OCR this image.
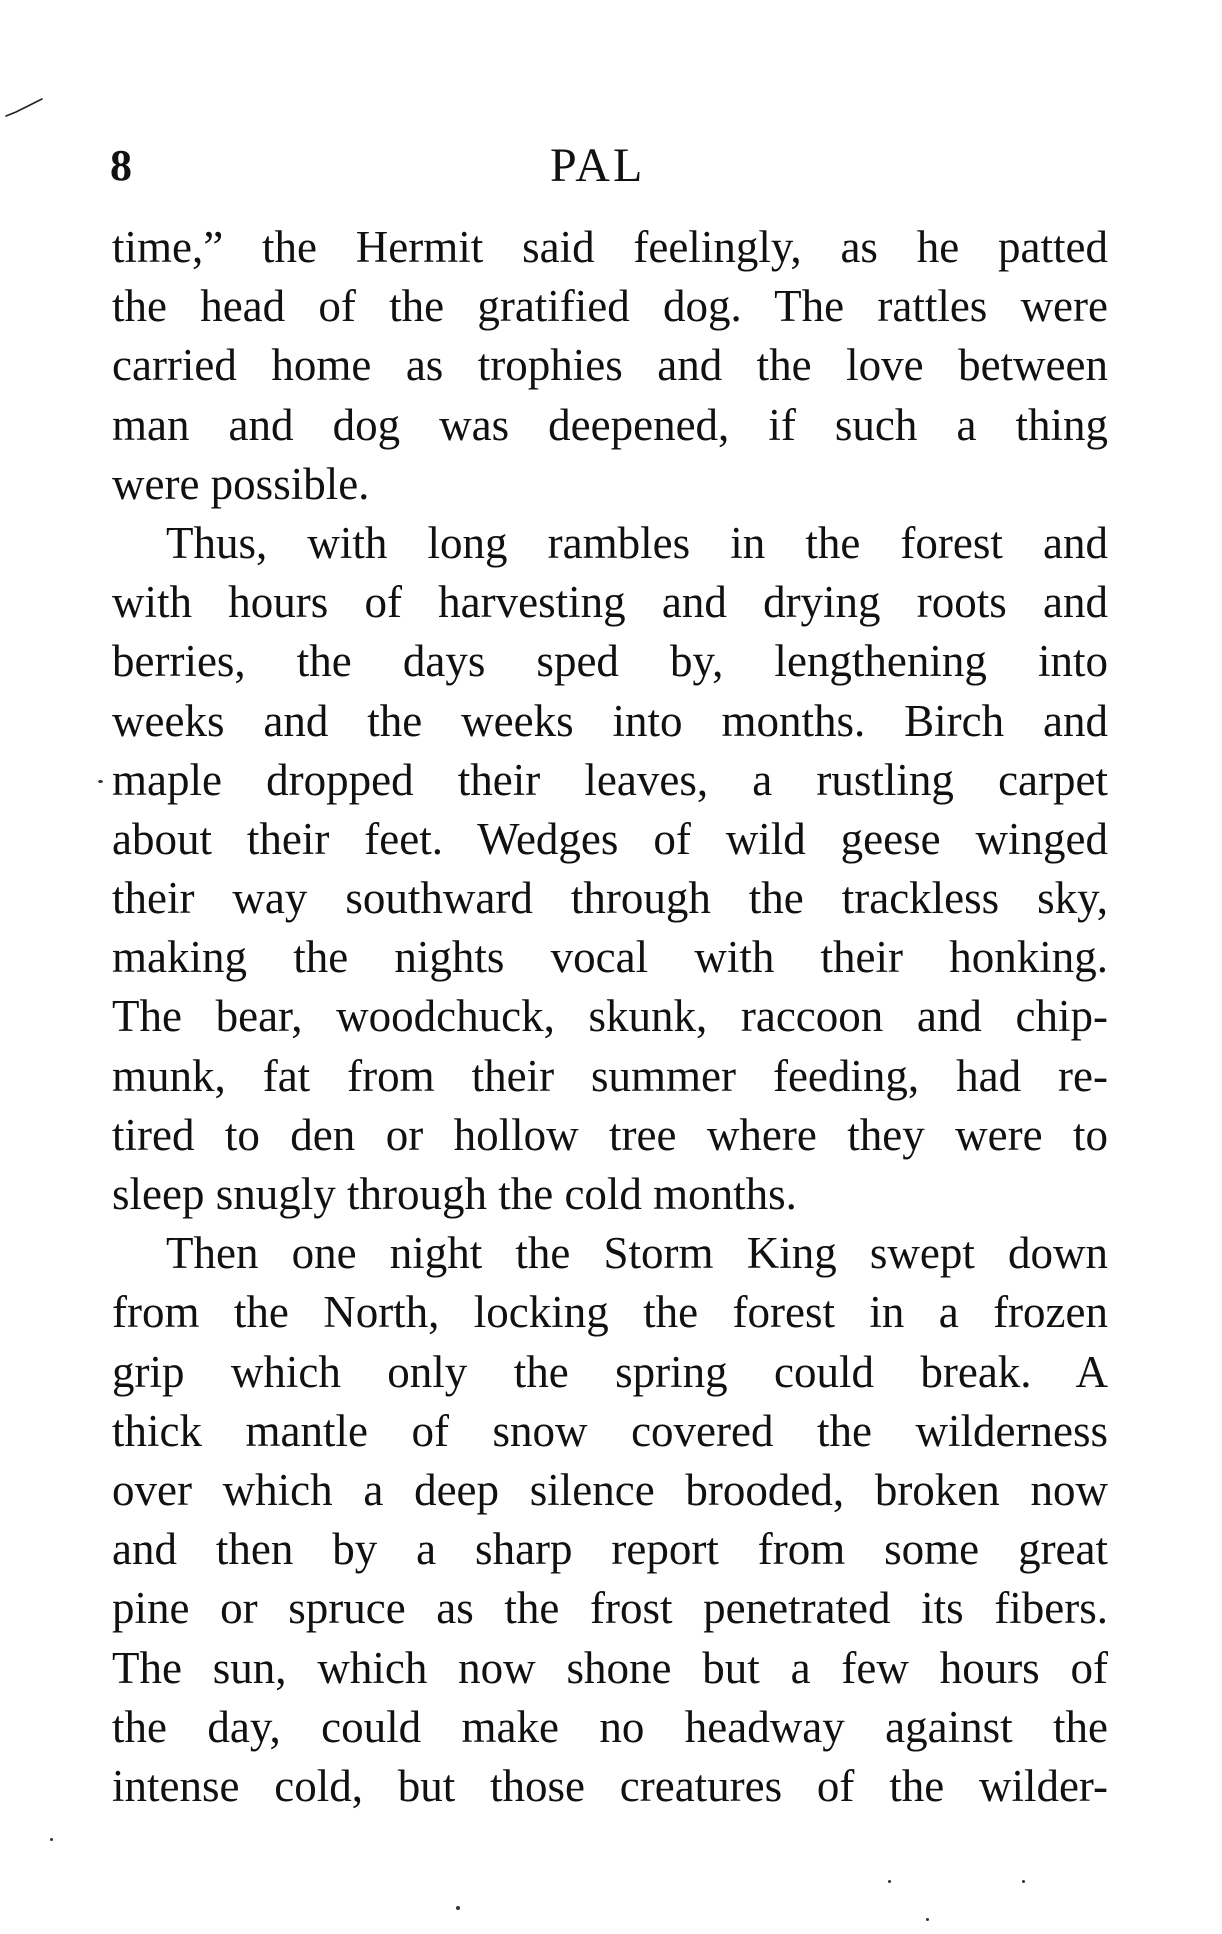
8	PAL
time,” the Hermit said feelingly, as he patted
the head of the gratified dog. The rattles were
carried home as trophies and the love between
man and dog was deepened, if such a thing
were possible.
Thus, with long rambles in the forest and
with hours of harvesting and drying roots and
berries, the days sped by, lengthening into
weeks and the weeks into months. Birch and
maple dropped their leaves, a rustling carpet
about their feet. Wedges of wild geese winged
their way southward through the trackless sky,
making the nights vocal with their honking.
The bear, woodchuck, skunk, raccoon and chip-
munk, fat from their summer feeding, had re-
tired to den or hollow tree where they were to
sleep snugly through the cold months.
Then one night the Storm King swept down
from the North, locking the forest in a frozen
grip which only the spring could break. A
thick mantle of snow covered the wilderness
over which a deep silence brooded, broken now
and then by a sharp report from some great
pine or spruce as the frost penetrated its fibers.
The sun, which now shone but a few hours of
the day, could make no headway against the
intense cold, but those creatures of the wilder-
